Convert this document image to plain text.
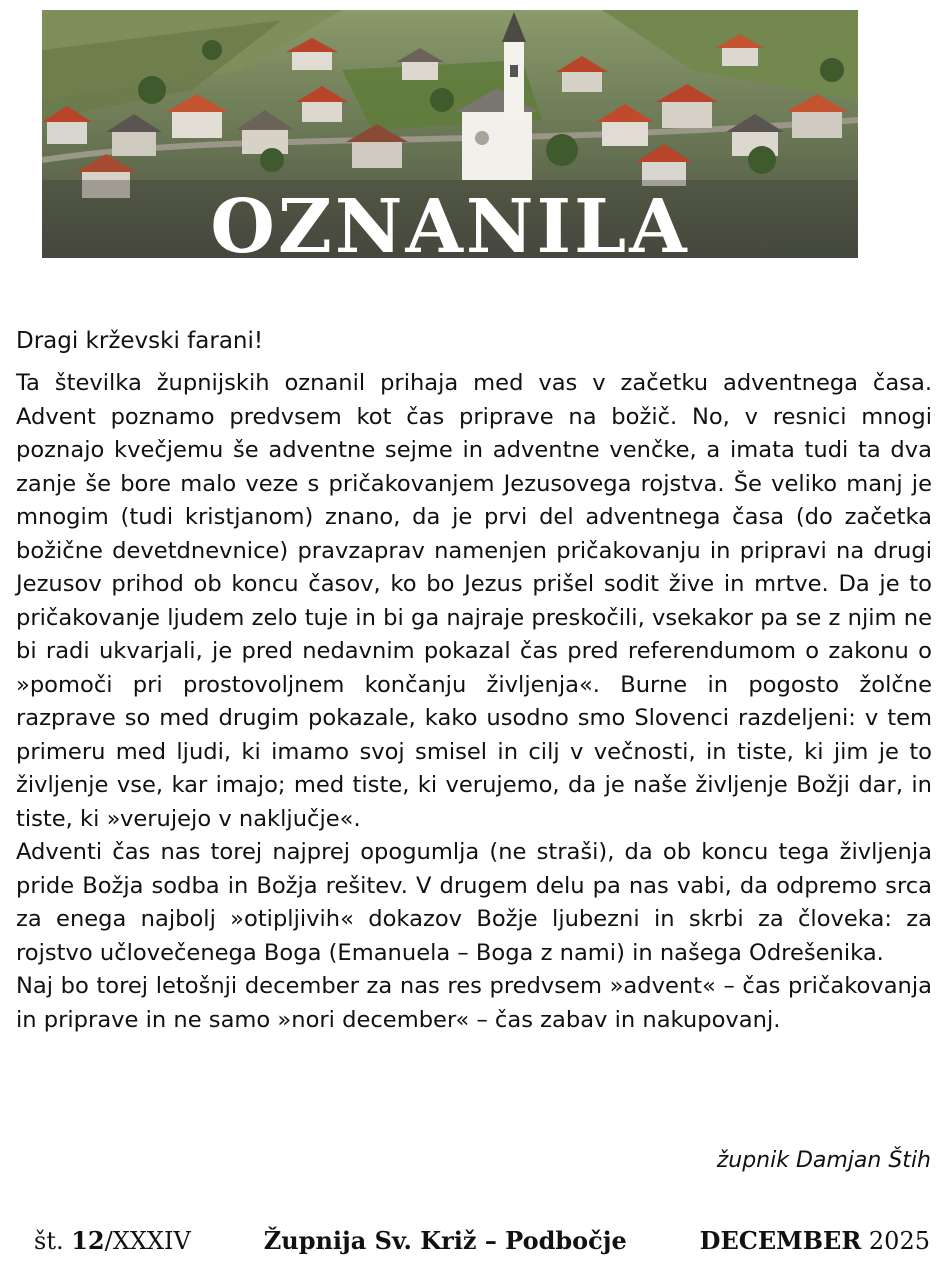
OZNANILA

Dragi krževski farani!

Ta številka župnijskih oznanil prihaja med vas v začetku adventnega časa. Advent poznamo predvsem kot čas priprave na božič. No, v resnici mnogi poznajo kvečjemu še adventne sejme in adventne venčke, a imata tudi ta dva zanje še bore malo veze s pričakovanjem Jezusovega rojstva. Še veliko manj je mnogim (tudi kristjanom) znano, da je prvi del adventnega časa (do začetka božične devetdnevnice) pravzaprav namenjen pričakovanju in pripravi na drugi Jezusov prihod ob koncu časov, ko bo Jezus prišel sodit žive in mrtve. Da je to pričakovanje ljudem zelo tuje in bi ga najraje preskočili, vsekakor pa se z njim ne bi radi ukvarjali, je pred nedavnim pokazal čas pred referendumom o zakonu o »pomoči pri prostovoljnem končanju življenja«. Burne in pogosto žolčne razprave so med drugim pokazale, kako usodno smo Slovenci razdeljeni: v tem primeru med ljudi, ki imamo svoj smisel in cilj v večnosti, in tiste, ki jim je to življenje vse, kar imajo; med tiste, ki verujemo, da je naše življenje Božji dar, in tiste, ki »verujejo v naključje«.

Adventi čas nas torej najprej opogumlja (ne straši), da ob koncu tega življenja pride Božja sodba in Božja rešitev. V drugem delu pa nas vabi, da odpremo srca za enega najbolj »otipljivih« dokazov Božje ljubezni in skrbi za človeka: za rojstvo učlovečenega Boga (Emanuela – Boga z nami) in našega Odrešenika.

Naj bo torej letošnji december za nas res predvsem »advent« – čas pričakovanja in priprave in ne samo »nori december« – čas zabav in nakupovanj.

župnik Damjan Štih

št. 12/XXXIV	Župnija Sv. Križ – Podbočje	DECEMBER 2025
